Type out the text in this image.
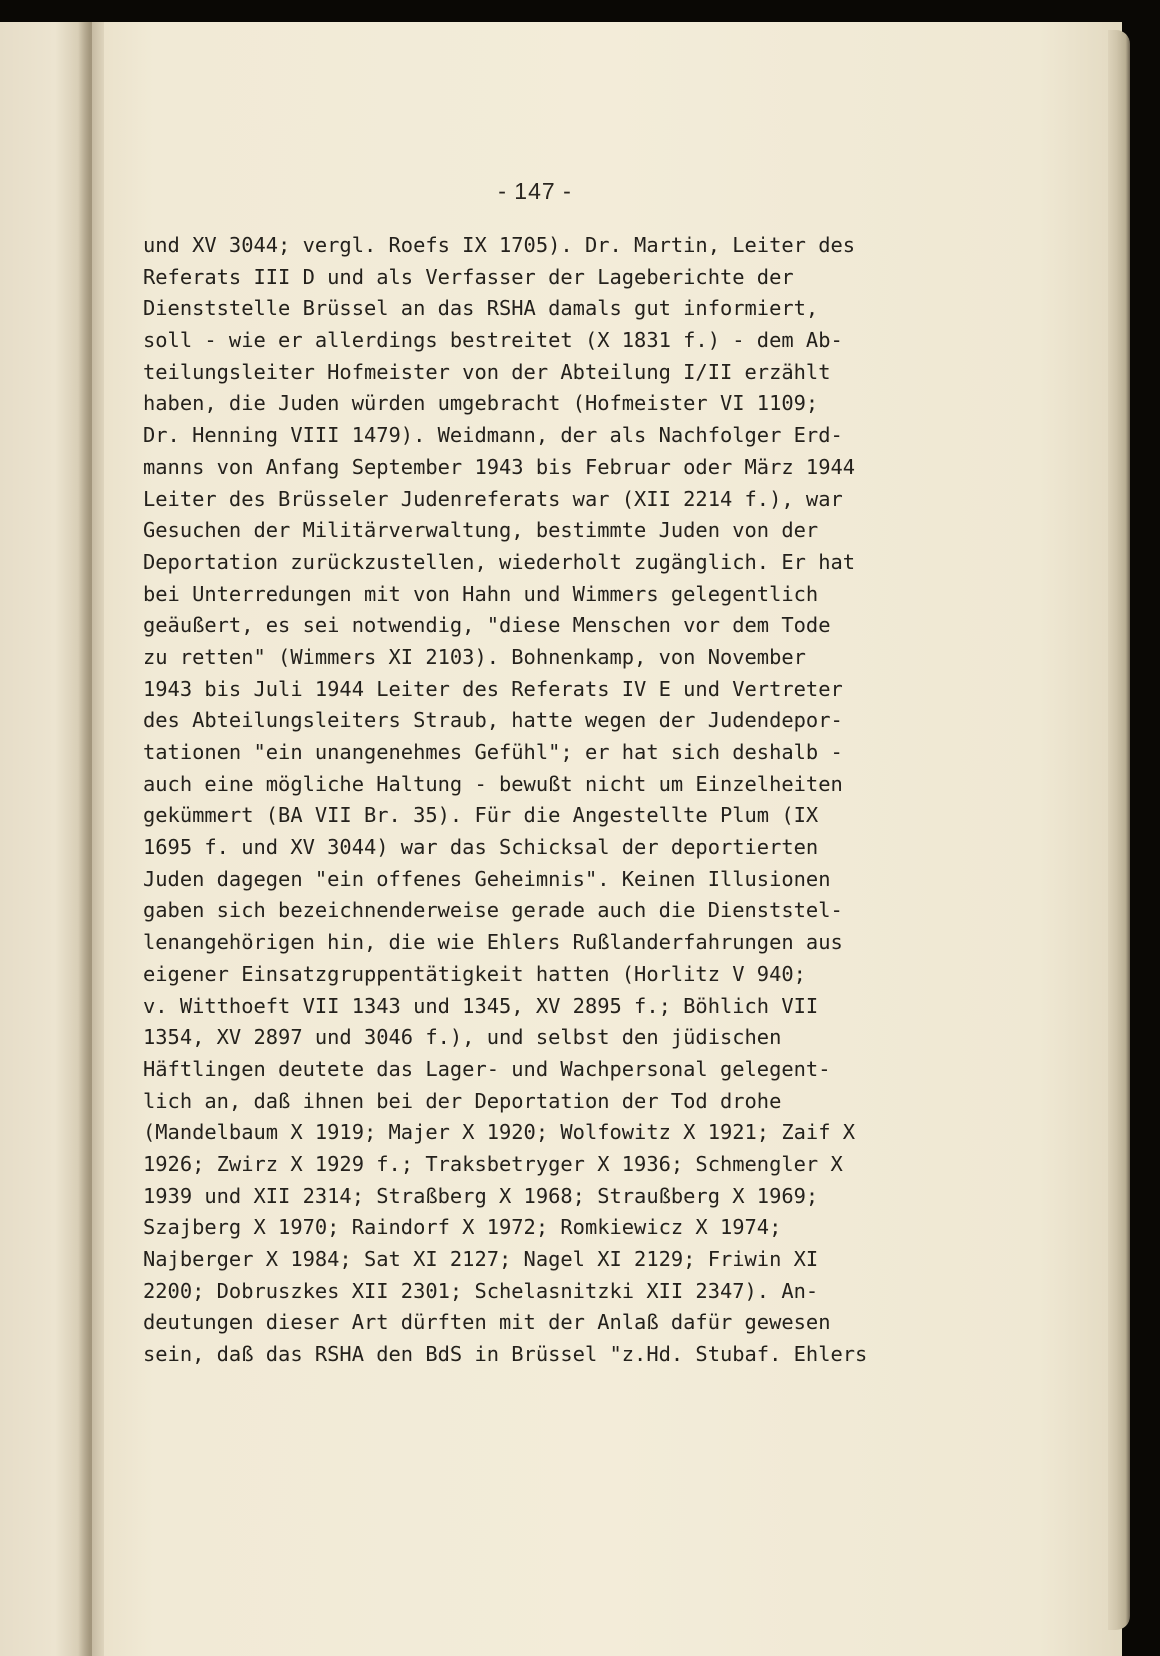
- 147 -
und XV 3044; vergl. Roefs IX 1705). Dr. Martin, Leiter des
Referats III D und als Verfasser der Lageberichte der
Dienststelle Brüssel an das RSHA damals gut informiert,
soll - wie er allerdings bestreitet (X 1831 f.) - dem Ab-
teilungsleiter Hofmeister von der Abteilung I/II erzählt
haben, die Juden würden umgebracht (Hofmeister VI 1109;
Dr. Henning VIII 1479). Weidmann, der als Nachfolger Erd-
manns von Anfang September 1943 bis Februar oder März 1944
Leiter des Brüsseler Judenreferats war (XII 2214 f.), war
Gesuchen der Militärverwaltung, bestimmte Juden von der
Deportation zurückzustellen, wiederholt zugänglich. Er hat
bei Unterredungen mit von Hahn und Wimmers gelegentlich
geäußert, es sei notwendig, "diese Menschen vor dem Tode
zu retten" (Wimmers XI 2103). Bohnenkamp, von November
1943 bis Juli 1944 Leiter des Referats IV E und Vertreter
des Abteilungsleiters Straub, hatte wegen der Judendepor-
tationen "ein unangenehmes Gefühl"; er hat sich deshalb -
auch eine mögliche Haltung - bewußt nicht um Einzelheiten
gekümmert (BA VII Br. 35). Für die Angestellte Plum (IX
1695 f. und XV 3044) war das Schicksal der deportierten
Juden dagegen "ein offenes Geheimnis". Keinen Illusionen
gaben sich bezeichnenderweise gerade auch die Dienststel-
lenangehörigen hin, die wie Ehlers Rußlanderfahrungen aus
eigener Einsatzgruppentätigkeit hatten (Horlitz V 940;
v. Witthoeft VII 1343 und 1345, XV 2895 f.; Böhlich VII
1354, XV 2897 und 3046 f.), und selbst den jüdischen
Häftlingen deutete das Lager- und Wachpersonal gelegent-
lich an, daß ihnen bei der Deportation der Tod drohe
(Mandelbaum X 1919; Majer X 1920; Wolfowitz X 1921; Zaif X
1926; Zwirz X 1929 f.; Traksbetryger X 1936; Schmengler X
1939 und XII 2314; Straßberg X 1968; Straußberg X 1969;
Szajberg X 1970; Raindorf X 1972; Romkiewicz X 1974;
Najberger X 1984; Sat XI 2127; Nagel XI 2129; Friwin XI
2200; Dobruszkes XII 2301; Schelasnitzki XII 2347). An-
deutungen dieser Art dürften mit der Anlaß dafür gewesen
sein, daß das RSHA den BdS in Brüssel "z.Hd. Stubaf. Ehlers
